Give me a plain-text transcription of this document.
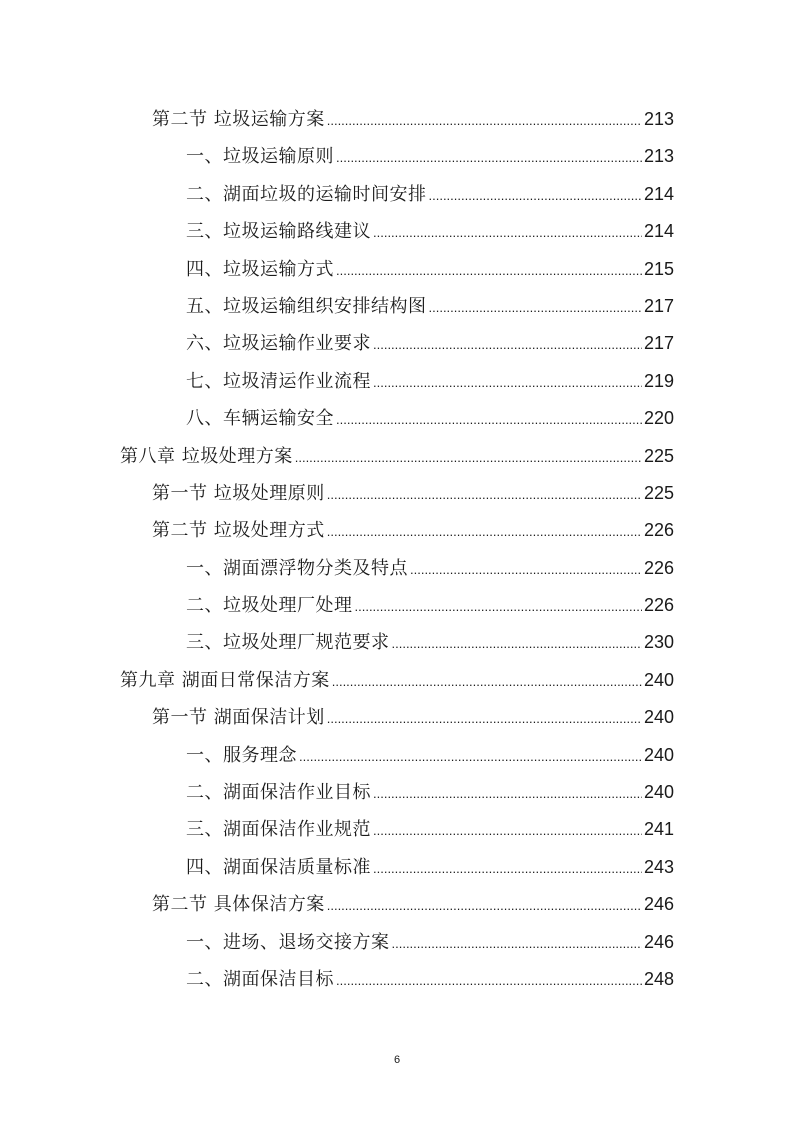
第二节 垃圾运输方案 .....	213
一、垃圾运输原则 .....	213
二、湖面垃圾的运输时间安排 .....	214
三、垃圾运输路线建议 .....	214
四、垃圾运输方式 .....	215
五、垃圾运输组织安排结构图 .....	217
六、垃圾运输作业要求 .....	217
七、垃圾清运作业流程 .....	219
八、车辆运输安全 .....	220
第八章 垃圾处理方案 .....	225
第一节 垃圾处理原则 .....	225
第二节 垃圾处理方式 .....	226
一、湖面漂浮物分类及特点 .....	226
二、垃圾处理厂处理 .....	226
三、垃圾处理厂规范要求 .....	230
第九章 湖面日常保洁方案 .....	240
第一节 湖面保洁计划 .....	240
一、服务理念 .....	240
二、湖面保洁作业目标 .....	240
三、湖面保洁作业规范 .....	241
四、湖面保洁质量标准 .....	243
第二节 具体保洁方案 .....	246
一、进场、退场交接方案 .....	246
二、湖面保洁目标 .....	248
6
